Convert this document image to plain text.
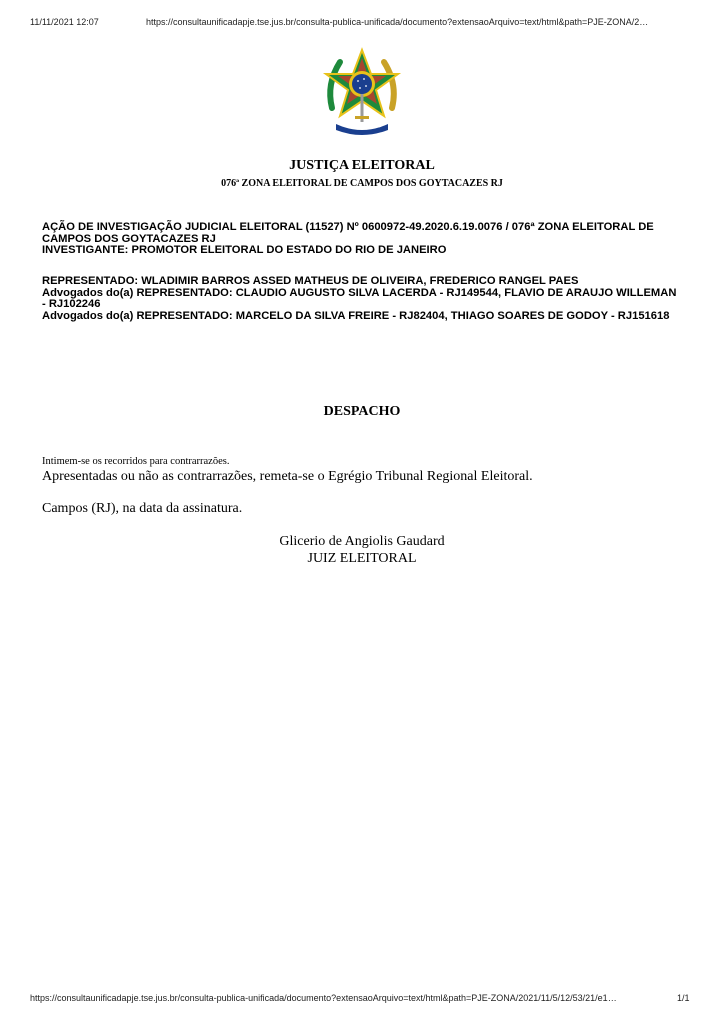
11/11/2021 12:07	https://consultaunificadapje.tse.jus.br/consulta-publica-unificada/documento?extensaoArquivo=text/html&path=PJE-ZONA/2…
JUSTIÇA ELEITORAL
076ª ZONA ELEITORAL DE CAMPOS DOS GOYTACAZES RJ

AÇÃO DE INVESTIGAÇÃO JUDICIAL ELEITORAL (11527) Nº 0600972-49.2020.6.19.0076 / 076ª ZONA ELEITORAL DE CAMPOS DOS GOYTACAZES RJ

INVESTIGANTE: PROMOTOR ELEITORAL DO ESTADO DO RIO DE JANEIRO

REPRESENTADO: WLADIMIR BARROS ASSED MATHEUS DE OLIVEIRA, FREDERICO RANGEL PAES

Advogados do(a) REPRESENTADO: CLAUDIO AUGUSTO SILVA LACERDA - RJ149544, FLAVIO DE ARAUJO WILLEMAN - RJ102246

Advogados do(a) REPRESENTADO: MARCELO DA SILVA FREIRE - RJ82404, THIAGO SOARES DE GODOY - RJ151618

DESPACHO
Intimem-se os recorridos para contrarrazões.
Apresentadas ou não as contrarrazões, remeta-se o Egrégio Tribunal Regional Eleitoral.
Campos (RJ), na data da assinatura.
Glicerio de Angiolis Gaudard
JUIZ ELEITORAL
https://consultaunificadapje.tse.jus.br/consulta-publica-unificada/documento?extensaoArquivo=text/html&path=PJE-ZONA/2021/11/5/12/53/21/e1…	1/1
